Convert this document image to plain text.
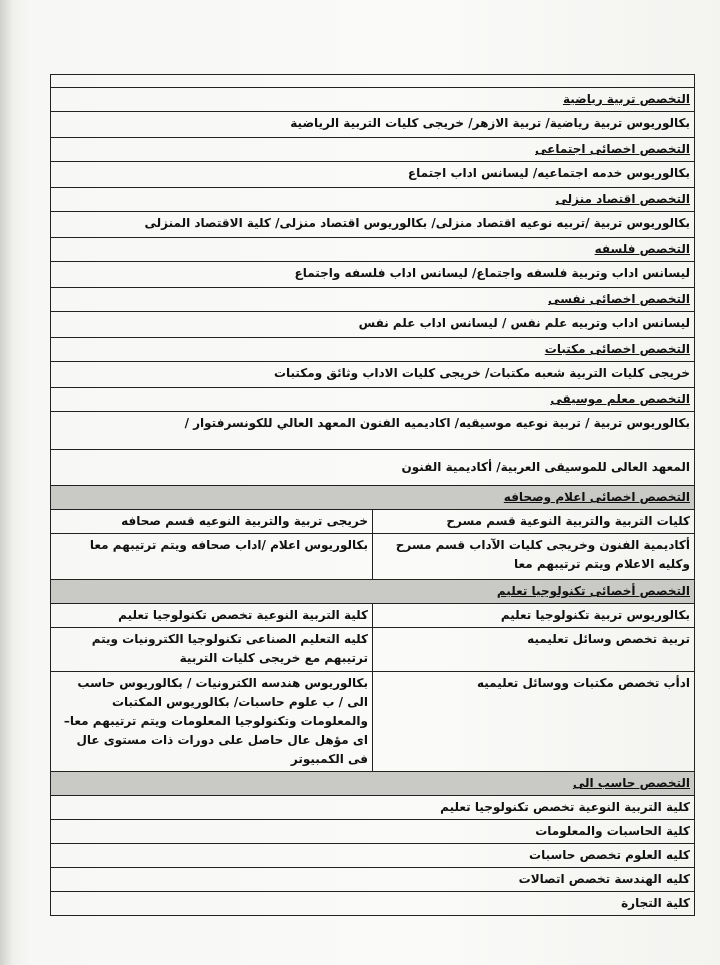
التخصص تربية رياضية	
بكالوريوس تربية رياضية/ تربية الازهر/ خريجى كليات التربية الرياضية	
التخصص اخصائى اجتماعى	
بكالوريوس خدمه اجتماعيه/ ليسانس اداب اجتماع	
التخصص اقتصاد منزلى	
بكالوريوس تربية /تربيه نوعيه اقتصاد منزلى/ بكالوريوس اقتصاد منزلى/ كلية الاقتصاد المنزلى	
التخصص فلسفه	
ليسانس اداب وتربية فلسفه واجتماع/ ليسانس اداب فلسفه واجتماع	
التخصص اخصائى نفسى	
ليسانس اداب وتربيه علم نفس / ليسانس اداب علم نفس	
التخصص اخصائى مكتبات	
خريجى كليات التربية شعبه مكتبات/ خريجى كليات الاداب وثائق ومكتبات	
التخصص معلم موسيقى	
بكالوريوس تربية / تربية نوعيه موسيقيه/ اكاديميه الفنون المعهد العالي للكونسرفتوار /	
المعهد العالى للموسيقى العربية/ أكاديمية الفنون	
التخصص اخصائى اعلام وصحافه	
كليات التربية والتربية النوعية قسم مسرح	خريجى تربية والتربية النوعيه قسم صحافه
أكاديمية الفنون وخريجى كليات الآداب قسم مسرح وكليه الاعلام ويتم ترتيبهم معا	بكالوريوس اعلام /اداب صحافه ويتم ترتيبهم معا
التخصص أخصائى تكنولوجيا تعليم	
بكالوريوس تربية تكنولوجيا تعليم	كلية التربية النوعية تخصص تكنولوجيا تعليم
تربية تخصص وسائل تعليميه	كليه التعليم الصناعى تكنولوجيا الكترونيات ويتم ترتيبهم مع خريجى كليات التربية
ادأب تخصص مكتبات ووسائل تعليميه	بكالوريوس هندسه الكترونيات / بكالوريوس حاسب الى / ب علوم حاسبات/ بكالوريوس المكتبات والمعلومات وتكنولوجيا المعلومات ويتم ترتيبهم معا– اى مؤهل عال حاصل على دورات ذات مستوى عال فى الكمبيوتر
التخصص حاسب الى	
كلية التربية النوعية تخصص تكنولوجيا تعليم	
كلية الحاسبات والمعلومات	
كليه العلوم تخصص حاسبات	
كليه الهندسة تخصص اتصالات	
كلية التجارة	
